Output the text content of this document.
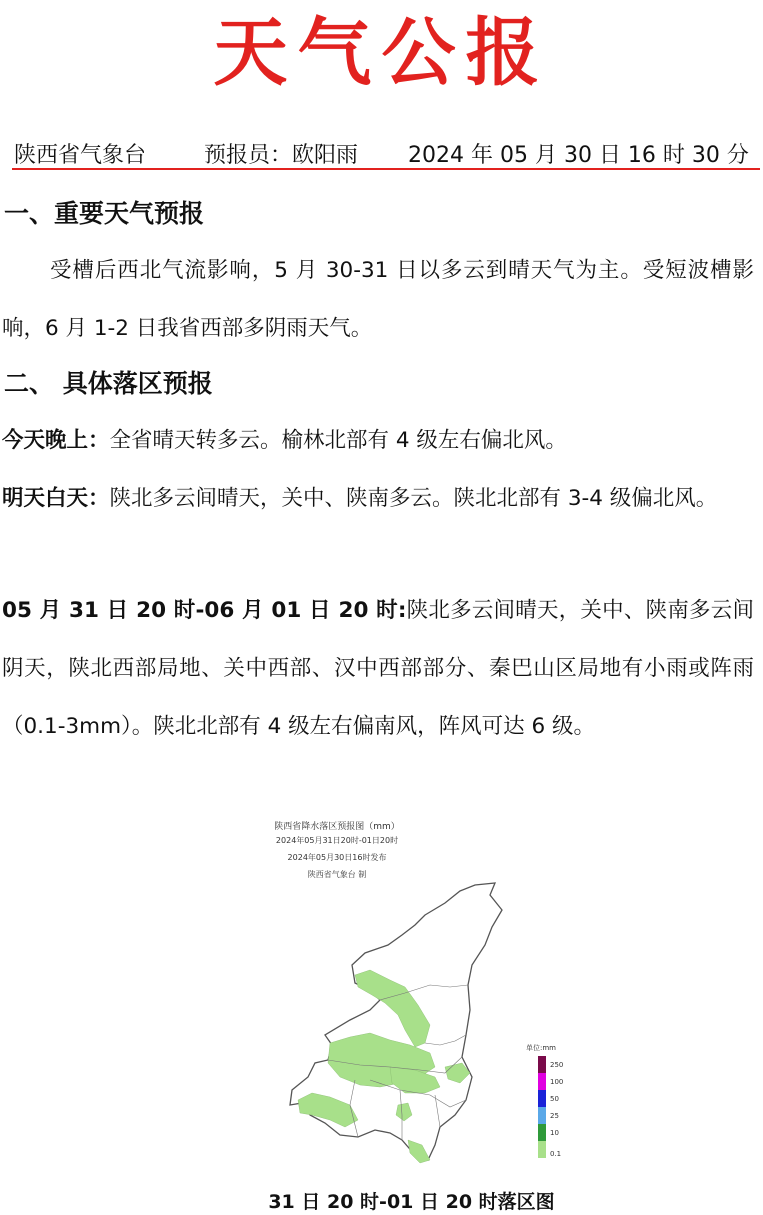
天气公报
陕西省气象台	预报员：欧阳雨 2024 年 05 月 30 日 16 时 30 分
一、重要天气预报
受槽后西北气流影响，5 月 30-31 日以多云到晴天气为主。受短波槽影响，6 月 1-2 日我省西部多阴雨天气。
二、 具体落区预报
今天晚上：全省晴天转多云。榆林北部有 4 级左右偏北风。
明天白天：陕北多云间晴天，关中、陕南多云。陕北北部有 3-4 级偏北风。
05 月 31 日 20 时-06 月 01 日 20 时:陕北多云间晴天，关中、陕南多云间阴天，陕北西部局地、关中西部、汉中西部部分、秦巴山区局地有小雨或阵雨（0.1-3mm）。陕北北部有 4 级左右偏南风，阵风可达 6 级。
陕西省降水落区预报图（mm）
2024年05月31日20时-01日20时
2024年05月30日16时发布
陕西省气象台 制
单位:mm
250
100
50
25
10
0.1
31 日 20 时-01 日 20 时落区图
